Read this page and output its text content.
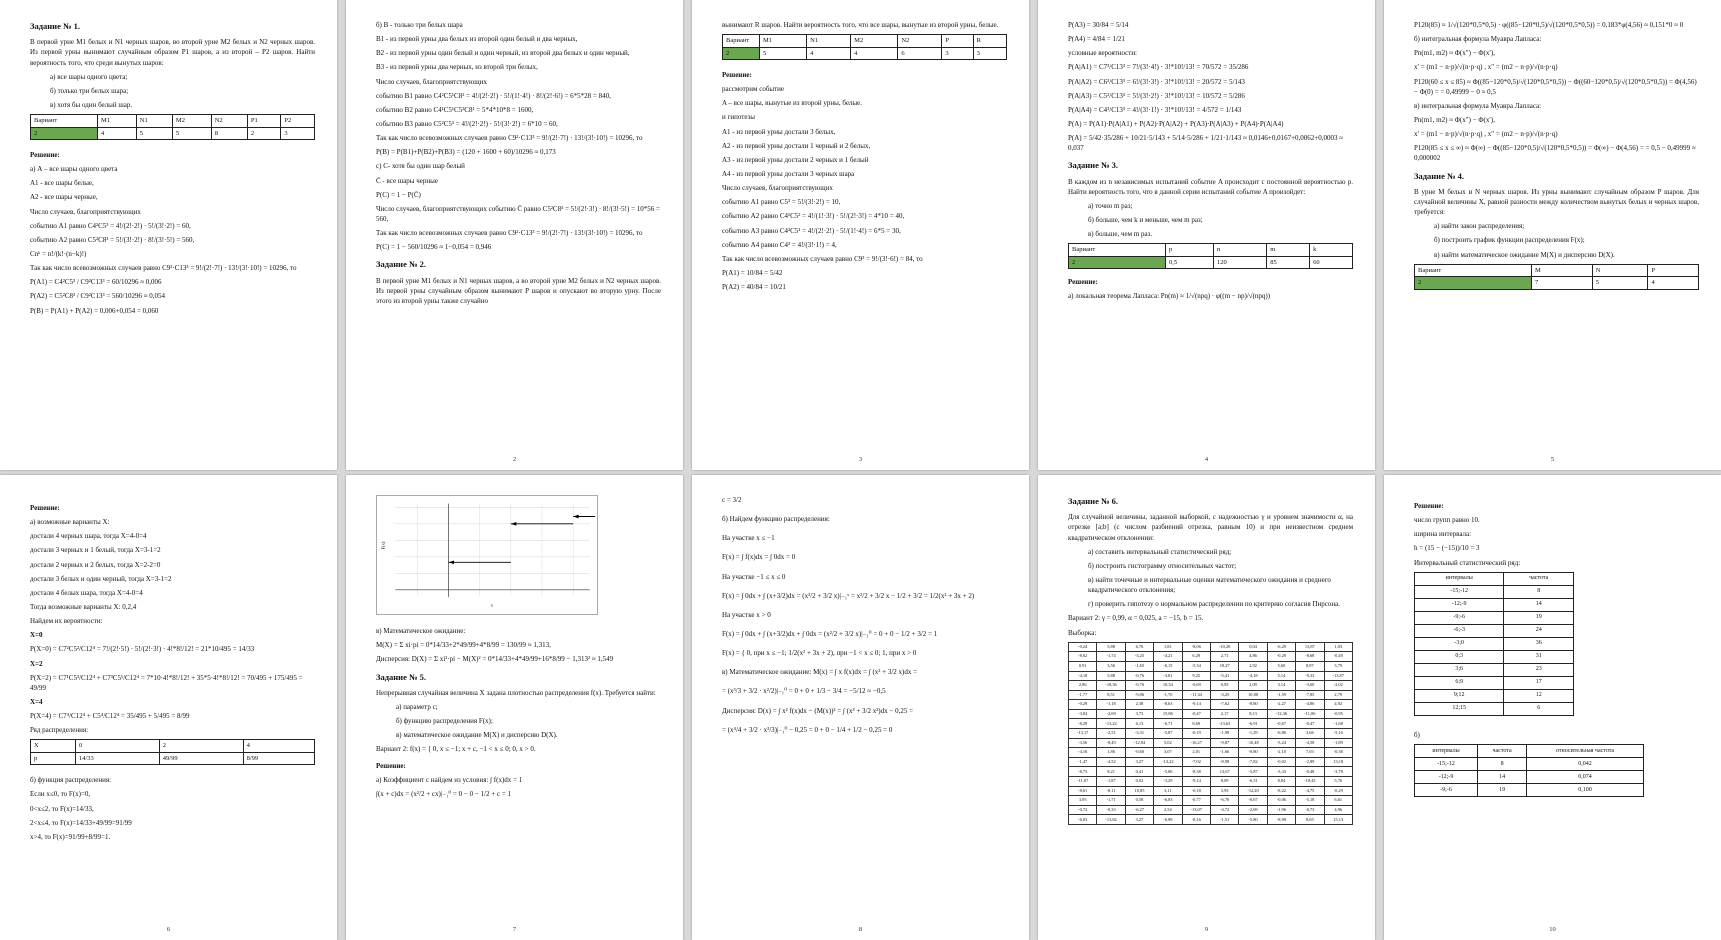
Задание № 1.

В первой урне M1 белых и N1 черных шаров, во второй урне M2 белых и N2 черных шаров. Из первой урны вынимают случайным образом P1 шаров, а из второй – P2 шаров. Найти вероятность того, что среди вынутых шаров:

а) все шары одного цвета;

б) только три белых шара;

в) хотя бы один белый шар.

Вариант	M1	N1	M2	N2	P1	P2
2	4	5	5	8	2	3

Решение:

а) А – все шары одного цвета

A1 - все шары белые,

A2 - все шары черные,

Число случаев, благоприятствующих

событию A1 равно C4²C5³ = 4!/(2!·2!) · 5!/(3!·2!) = 60,

событию A2 равно C5²C8³ = 5!/(3!·2!) · 8!/(3!·5!) = 560,

Cnᵏ = n!/(k!·(n−k)!)

Так как число всевозможных случаев равно C9²·C13³ = 9!/(2!·7!) · 13!/(3!·10!) = 10296, то

P(A1) = C4²C5³ / C9²C13³ = 60/10296 ≈ 0,006

P(A2) = C5²C8³ / C9²C13³ = 560/10296 ≈ 0,054

P(B) = P(A1) + P(A2) = 0,006+0,054 = 0,060

б) B - только три белых шара

B1 - из первой урны два белых из второй один белый и два черных,

B2 - из первой урны один белый и один черный, из второй два белых и один черный,

B3 - из первой урны два черных, из второй три белых,

Число случаев, благоприятствующих

событию B1 равно C4²C5¹C8² = 4!/(2!·2!) · 5!/(1!·4!) · 8!/(2!·6!) = 6*5*28 = 840,

событию B2 равно C4¹C5¹C5²C8¹ = 5*4*10*8 = 1600,

событию B3 равно C5²C5³ = 4!/(2!·2!) · 5!/(3!·2!) = 6*10 = 60,

Так как число всевозможных случаев равно C9²·C13³ = 9!/(2!·7!) · 13!/(3!·10!) = 10296, то

P(B) = P(B1)+P(B2)+P(B3) = (120 + 1600 + 60)/10296 ≈ 0,173

с) C- хотя бы один шар белый

C̄ - все шары черные

P(C) = 1 − P(C̄)

Число случаев, благоприятствующих событию C̄ равно C5²C8³ = 5!/(2!·3!) · 8!/(3!·5!) = 10*56 = 560,

Так как число всевозможных случаев равно C9²·C13³ = 9!/(2!·7!) · 13!/(3!·10!) = 10296, то

P(C) = 1 − 560/10296 ≈ 1−0,054 = 0,946

Задание № 2.

В первой урне M1 белых и N1 черных шаров, а во второй урне M2 белых и N2 черных шаров. Из первой урны случайным образом вынимают P шаров и опускают во вторую урну. После этого из второй урны также случайно

2

вынимают R шаров. Найти вероятность того, что все шары, вынутые из второй урны, белые.

Вариант	M1	N1	M2	N2	P	R
2	5	4	4	6	3	3

Решение:

рассмотрим событие

A – все шары, вынутые из второй урны, белые.

и гипотезы

A1 - из первой урны достали 3 белых,

A2 - из первой урны достали 1 черный и 2 белых,

A3 - из первой урны достали 2 черных и 1 белый

A4 - из первой урны достали 3 черных шара

Число случаев, благоприятствующих

событию A1 равно C5³ = 5!/(3!·2!) = 10,

событию A2 равно C4¹C5² = 4!/(1!·3!) · 5!/(2!·3!) = 4*10 = 40,

событию A3 равно C4²C5¹ = 4!/(2!·2!) · 5!/(1!·4!) = 6*5 = 30,

событию A4 равно C4³ = 4!/(3!·1!) = 4,

Так как число всевозможных случаев равно C9³ = 9!/(3!·6!) = 84, то

P(A1) = 10/84 = 5/42

P(A2) = 40/84 = 10/21

3

P(A3) = 30/84 = 5/14

P(A4) = 4/84 = 1/21

условные вероятности:

P(A|A1) = C7³/C13³ = 7!/(3!·4!) · 3!*10!/13! = 70/572 = 35/286

P(A|A2) = C6³/C13³ = 6!/(3!·3!) · 3!*10!/13! = 20/572 = 5/143

P(A|A3) = C5³/C13³ = 5!/(3!·2!) · 3!*10!/13! = 10/572 = 5/286

P(A|A4) = C4³/C13³ = 4!/(3!·1!) · 3!*10!/13! = 4/572 = 1/143

P(A) = P(A1)·P(A|A1) + P(A2)·P(A|A2) + P(A3)·P(A|A3) + P(A4)·P(A|A4)

P(A) = 5/42·35/286 + 10/21·5/143 + 5/14·5/286 + 1/21·1/143 ≈ 0,0146+0,0167+0,0062+0,0003 ≈ 0,037

Задание № 3.

В каждом из n независимых испытаний событие A происходит с постоянной вероятностью p. Найти вероятность того, что в данной серии испытаний событие A произойдет:

а) точно m раз;

б) больше, чем k и меньше, чем m раз;

в) больше, чем m раз.

Вариант	p	n	m	k
2	0,5	120	85	60

Решение:

а) локальная теорема Лапласа: Pn(m) ≈ 1/√(npq) · φ((m − np)/√(npq))

4

P120(85) ≈ 1/√(120*0,5*0,5) · φ((85−120*0,5)/√(120*0,5*0,5)) = 0,183*φ(4,56) ≈ 0,151*0 ≈ 0

б) интегральная формула Муавра Лапласа:

Pn(m1, m2) ≈ Φ(x″) − Φ(x′),

x′ = (m1 − n·p)/√(n·p·q) , x″ = (m2 − n·p)/√(n·p·q)

P120(60 ≤ x ≤ 85) ≈ Φ((85−120*0,5)/√(120*0,5*0,5)) − Φ((60−120*0,5)/√(120*0,5*0,5)) = Φ(4,56) − Φ(0) = = 0,49999 − 0 ≈ 0,5

в) интегральная формула Муавра Лапласа:

Pn(m1, m2) ≈ Φ(x″) − Φ(x′),

x′ = (m1 − n·p)/√(n·p·q) , x″ = (m2 − n·p)/√(n·p·q)

P120(85 ≤ x ≤ ∞) ≈ Φ(∞) − Φ((85−120*0,5)/√(120*0,5*0,5)) = Φ(∞) − Φ(4,56) = = 0,5 − 0,49999 ≈ 0,000002

Задание № 4.

В урне M белых и N черных шаров. Из урны вынимают случайным образом P шаров. Для случайной величины X, равной разности между количеством вынутых белых и черных шаров, требуется:

а) найти закон распределения;

б) построить график функции распределения F(x);

в) найти математическое ожидание M(X) и дисперсию D(X).

Вариант	M	N	P
2	7	5	4
5

Решение:

а) возможные варианты X:

достали 4 черных шара, тогда X=4-0=4

достали 3 черных и 1 белый, тогда X=3-1=2

достали 2 черных и 2 белых, тогда X=2-2=0

достали 3 белых и один черный, тогда X=3-1=2

достали 4 белых шара, тогда X=4-0=4

Тогда возможные варианты X: 0,2,4

Найдем их вероятности:

X=0

P(X=0) = C7²C5²/C12⁴ = 7!/(2!·5!) · 5!/(2!·3!) · 4!*8!/12! = 21*10/495 = 14/33

X=2

P(X=2) = C7¹C5³/C12⁴ + C7³C5¹/C12⁴ = 7*10·4!*8!/12! + 35*5·4!*8!/12! = 70/495 + 175/495 = 49/99

X=4

P(X=4) = C7⁴/C12⁴ + C5⁴/C12⁴ = 35/495 + 5/495 = 8/99

Ряд распределения:

X	0	2	4
p	14/33	49/99	8/99

б) функция распределения:

Если x≤0, то F(x)=0,

0<x≤2, то F(x)=14/33,

2<x≤4, то F(x)=14/33+49/99=91/99

x>4, то F(x)=91/99+8/99=1.

6
F(x)
x

в) Математическое ожидание:

M(X) = Σ xi·pi = 0*14/33+2*49/99+4*8/99 = 130/99 ≈ 1,313,

Дисперсия: D(X) = Σ xi²·pi − M(X)² = 0*14/33+4*49/99+16*8/99 − 1,313² ≈ 1,549

Задание № 5.

Непрерывная случайная величина X задана плотностью распределения f(x). Требуется найти:

а) параметр c;

б) функцию распределения F(x);

в) математическое ожидание M(X) и дисперсию D(X).

Вариант 2: f(x) = { 0, x ≤ −1; x + c, −1 < x ≤ 0; 0, x > 0.

Решение:

а) Коэффициент c найдем из условия: ∫ f(x)dx = 1

∫(x + c)dx = (x²/2 + cx)|₋₁⁰ = 0 − 0 − 1/2 + c = 1

7

c = 3/2

б) Найдем функцию распределения:

На участке x ≤ −1

F(x) = ∫ f(x)dx = ∫ 0dx = 0

На участке −1 ≤ x ≤ 0

F(x) = ∫ 0dx + ∫ (x+3/2)dx = (x²/2 + 3/2 x)|₋₁ˣ = x²/2 + 3/2 x − 1/2 + 3/2 = 1/2(x² + 3x + 2)

На участке x > 0

F(x) = ∫ 0dx + ∫ (x+3/2)dx + ∫ 0dx = (x²/2 + 3/2 x)|₋₁⁰ = 0 + 0 − 1/2 + 3/2 = 1

F(x) = { 0, при x ≤ −1; 1/2(x² + 3x + 2), при −1 < x ≤ 0; 1, при x > 0

в) Математическое ожидание: M(x) = ∫ x f(x)dx = ∫ (x² + 3/2 x)dx =

= (x³/3 + 3/2 · x²/2)|₋₁⁰ = 0 + 0 + 1/3 − 3/4 = −5/12 ≈ −0,5

Дисперсия: D(x) = ∫ x² f(x)dx − (M(x))² = ∫ (x³ + 3/2 x²)dx − 0,25 =

= (x⁴/4 + 3/2 · x³/3)|₋₁⁰ − 0,25 = 0 + 0 − 1/4 + 1/2 − 0,25 = 0

8
Задание № 6.

Для случайной величины, заданной выборкой, с надежностью γ и уровнем значимости α, на отрезке [a;b] (с числом разбиений отрезка, равным 10) и при неизвестном среднем квадратическом отклонении:

а) составить интервальный статистический ряд;

б) построить гистограмму относительных частот;

в) найти точечные и интервальные оценки математического ожидания и среднего квадратического отклонения;

г) проверить гипотезу о нормальном распределении по критерию согласия Пирсона.

Вариант 2: γ = 0,99, α = 0,025, a = −15, b = 15.

Выборка:

-0,24	5,88	6,76	1,81	-8,06	-10,28	0,04	-6,29	13,87	1,03
-8,62	-1,74	-3,25	-4,21	6,29	2,71	4,86	-0,29	-8,68	-0,49
0,91	3,56	-1,65	-6,15	-5,34	18,27	2,92	5,60	8,87	3,79
-4,18	5,88	-0,76	-3,81	9,25	-5,41	-4,18	5,14	-9,33	-13,87
2,86	-18,36	-0,76	10,34	-0,69	0,93	2,09	3,14	-3,60	-2,02
-1,77	8,51	-9,06	-1,70	-11,34	-3,25	10,88	-1,59	-7,85	2,79
-0,29	-1,18	2,38	-8,63	-9,14	-7,62	-8,80	-2,27	-4,86	4,92
-3,04	-2,69	3,73	15,86	-0,47	2,17	8,13	-12,36	-11,06	-0,95
-8,29	-13,22	6,13	-6,71	8,69	-13,63	-6,91	-0,67	-0,47	-1,68
-13,17	-2,51	-3,31	-5,87	-0,19	-1,98	-1,29	-6,86	3,66	-5,16
-3,56	-8,49	-12,84	5,02	-16,27	-9,87	-10,48	-5,24	-4,58	-1,89
-4,16	1,86	-0,60	3,07	2,01	-1,66	-0,80	-2,10	7,03	-0,38
-1,47	-4,52	3,27	-13,22	-7,02	-8,98	-7,82	-0,02	-2,89	13,18
-8,73	8,21	0,41	-5,06	-8,38	13,67	-5,87	-3,33	-0,48	-3,78
-11,07	-1,87	0,02	-3,29	-9,14	8,09	-6,31	8,84	-18,43	5,76
-8,61	-8,11	10,85	3,11	-0,18	3,93	-12,20	-8,22	-4,75	-0,29
3,95	-1,71	0,58	-6,03	-0,77	-6,70	-0,67	-0,06	-5,18	6,61
-0,72	-0,33	-6,27	2,54	-13,07	-4,72	-2,69	-1,96	-0,73	4,96
-6,03	-13,82	3,27	-6,98	-8,16	-1,51	-5,80	-8,90	8,65	15,13
9

Решение:

число групп равно 10.

ширина интервала:

h = (15 − (−15))/10 = 3

Интервальный статистический ряд:

интервалы	частота
-15;-12	8
-12;-9	14
-9;-6	19
-6;-3	24
-3;0	36
0;3	31
3;6	23
6;9	17
9;12	12
12;15	6

б)

интервалы	частота	относительная частота
-15;-12	8	0,042
-12;-9	14	0,074
-9;-6	19	0,100
10
